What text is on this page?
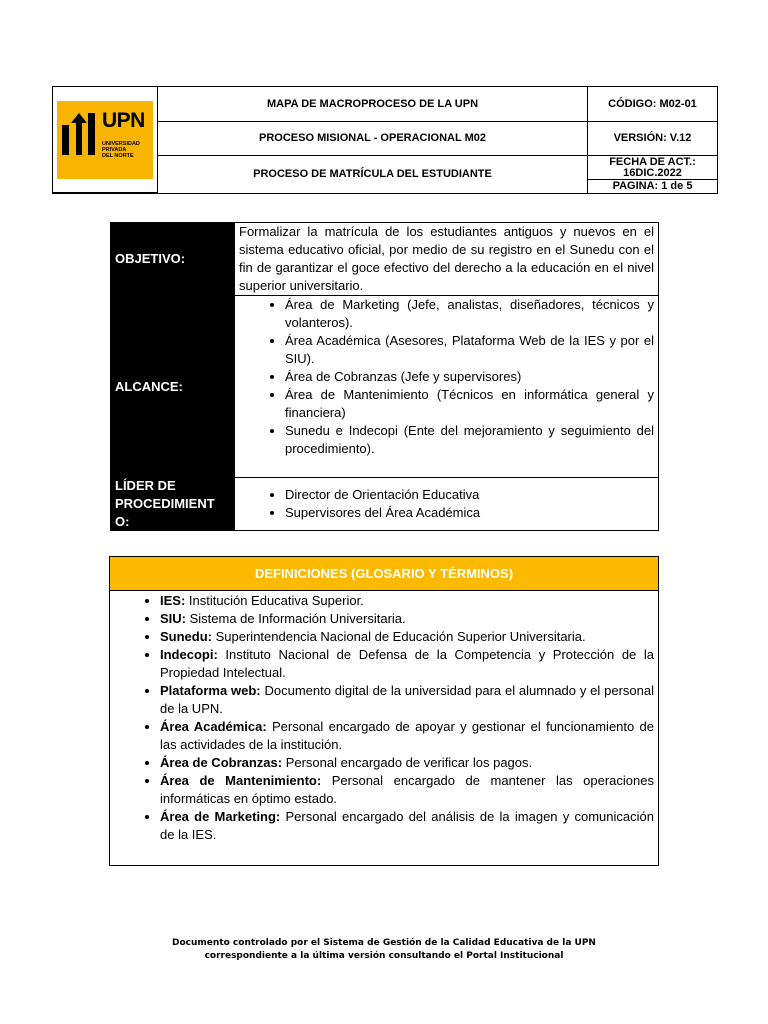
UPN
UNIVERSIDAD
PRIVADA
DEL NORTE
MAPA DE MACROPROCESO DE LA UPN	CÓDIGO: M02-01
PROCESO MISIONAL - OPERACIONAL M02	VERSIÓN: V.12
PROCESO DE MATRÍCULA DEL ESTUDIANTE
FECHA DE ACT.:
16DIC.2022
PAGINA: 1 de 5
OBJETIVO:
Formalizar la matrícula de los estudiantes antiguos y nuevos en el sistema educativo oficial, por medio de su registro en el Sunedu con el fin de garantizar el goce efectivo del derecho a la educación en el nivel superior universitario.
ALCANCE:
• Área de Marketing (Jefe, analistas, diseñadores, técnicos y volanteros).
• Área Académica (Asesores, Plataforma Web de la IES y por el SIU).
• Área de Cobranzas (Jefe y supervisores)
• Área de Mantenimiento (Técnicos en informática general y financiera)
• Sunedu e Indecopi (Ente del mejoramiento y seguimiento del procedimiento).
LÍDER DE
PROCEDIMIENT
O:
• Director de Orientación Educativa
• Supervisores del Área Académica
DEFINICIONES (GLOSARIO Y TÉRMINOS)
• IES: Institución Educativa Superior.
• SIU: Sistema de Información Universitaria.
• Sunedu: Superintendencia Nacional de Educación Superior Universitaria.
• Indecopi: Instituto Nacional de Defensa de la Competencia y Protección de la Propiedad Intelectual.
• Plataforma web: Documento digital de la universidad para el alumnado y el personal de la UPN.
• Área Académica: Personal encargado de apoyar y gestionar el funcionamiento de las actividades de la institución.
• Área de Cobranzas: Personal encargado de verificar los pagos.
• Área de Mantenimiento: Personal encargado de mantener las operaciones informáticas en óptimo estado.
• Área de Marketing: Personal encargado del análisis de la imagen y comunicación de la IES.
Documento controlado por el Sistema de Gestión de la Calidad Educativa de la UPN
correspondiente a la última versión consultando el Portal Institucional
